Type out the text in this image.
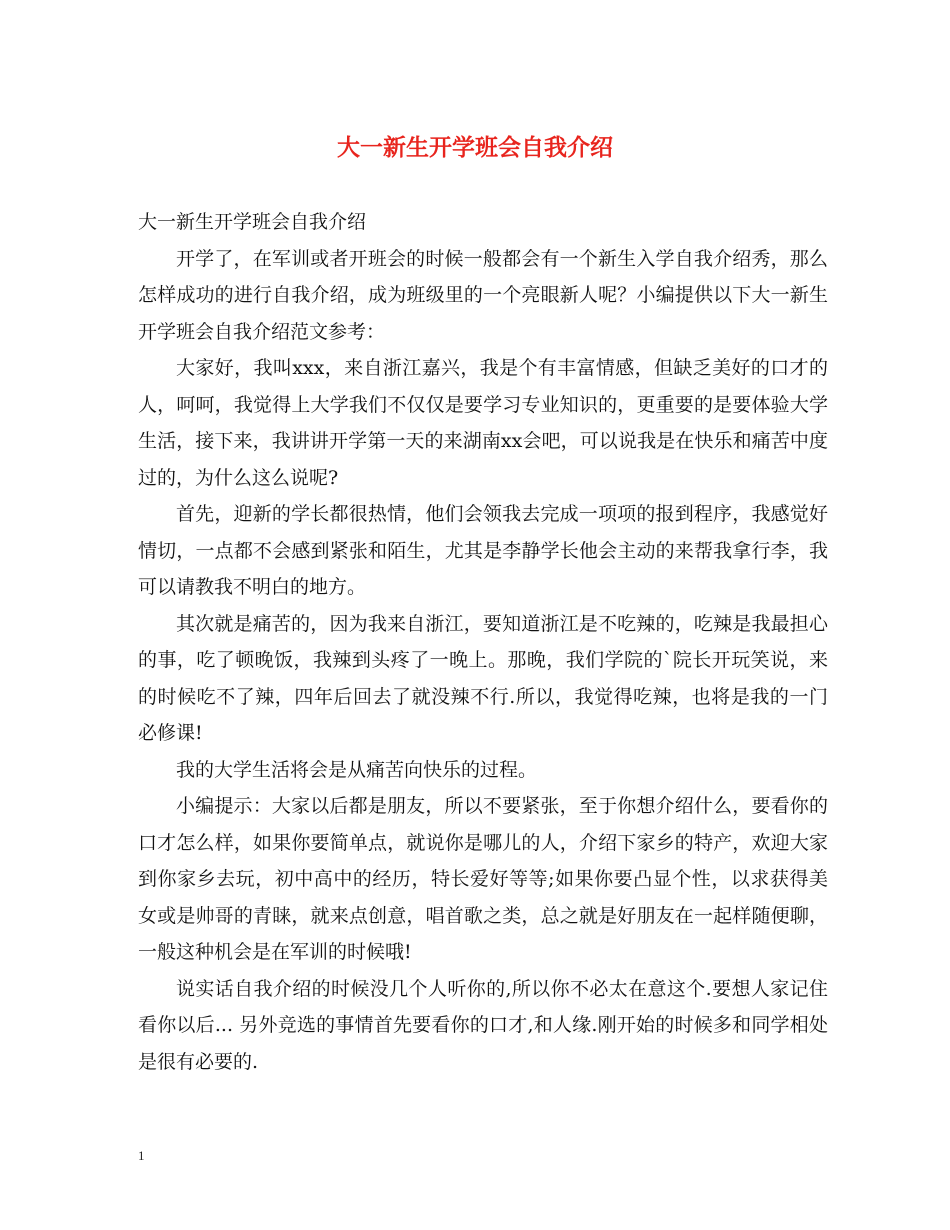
大一新生开学班会自我介绍

大一新生开学班会自我介绍

开学了，在军训或者开班会的时候一般都会有一个新生入学自我介绍秀，那么怎样成功的进行自我介绍，成为班级里的一个亮眼新人呢？小编提供以下大一新生开学班会自我介绍范文参考：

大家好，我叫xxx，来自浙江嘉兴，我是个有丰富情感，但缺乏美好的口才的人，呵呵，我觉得上大学我们不仅仅是要学习专业知识的，更重要的是要体验大学生活，接下来，我讲讲开学第一天的来湖南xx会吧，可以说我是在快乐和痛苦中度过的，为什么这么说呢?

首先，迎新的学长都很热情，他们会领我去完成一项项的报到程序，我感觉好情切，一点都不会感到紧张和陌生，尤其是李静学长他会主动的来帮我拿行李，我可以请教我不明白的地方。

其次就是痛苦的，因为我来自浙江，要知道浙江是不吃辣的，吃辣是我最担心的事，吃了顿晚饭，我辣到头疼了一晚上。那晚，我们学院的`院长开玩笑说，来的时候吃不了辣，四年后回去了就没辣不行.所以，我觉得吃辣，也将是我的一门必修课!

我的大学生活将会是从痛苦向快乐的过程。

小编提示：大家以后都是朋友，所以不要紧张，至于你想介绍什么，要看你的口才怎么样，如果你要简单点，就说你是哪儿的人，介绍下家乡的特产，欢迎大家到你家乡去玩，初中高中的经历，特长爱好等等;如果你要凸显个性，以求获得美女或是帅哥的青睐，就来点创意，唱首歌之类，总之就是好朋友在一起样随便聊，一般这种机会是在军训的时候哦!

说实话自我介绍的时候没几个人听你的,所以你不必太在意这个.要想人家记住看你以后... 另外竞选的事情首先要看你的口才,和人缘.刚开始的时候多和同学相处是很有必要的.

1
